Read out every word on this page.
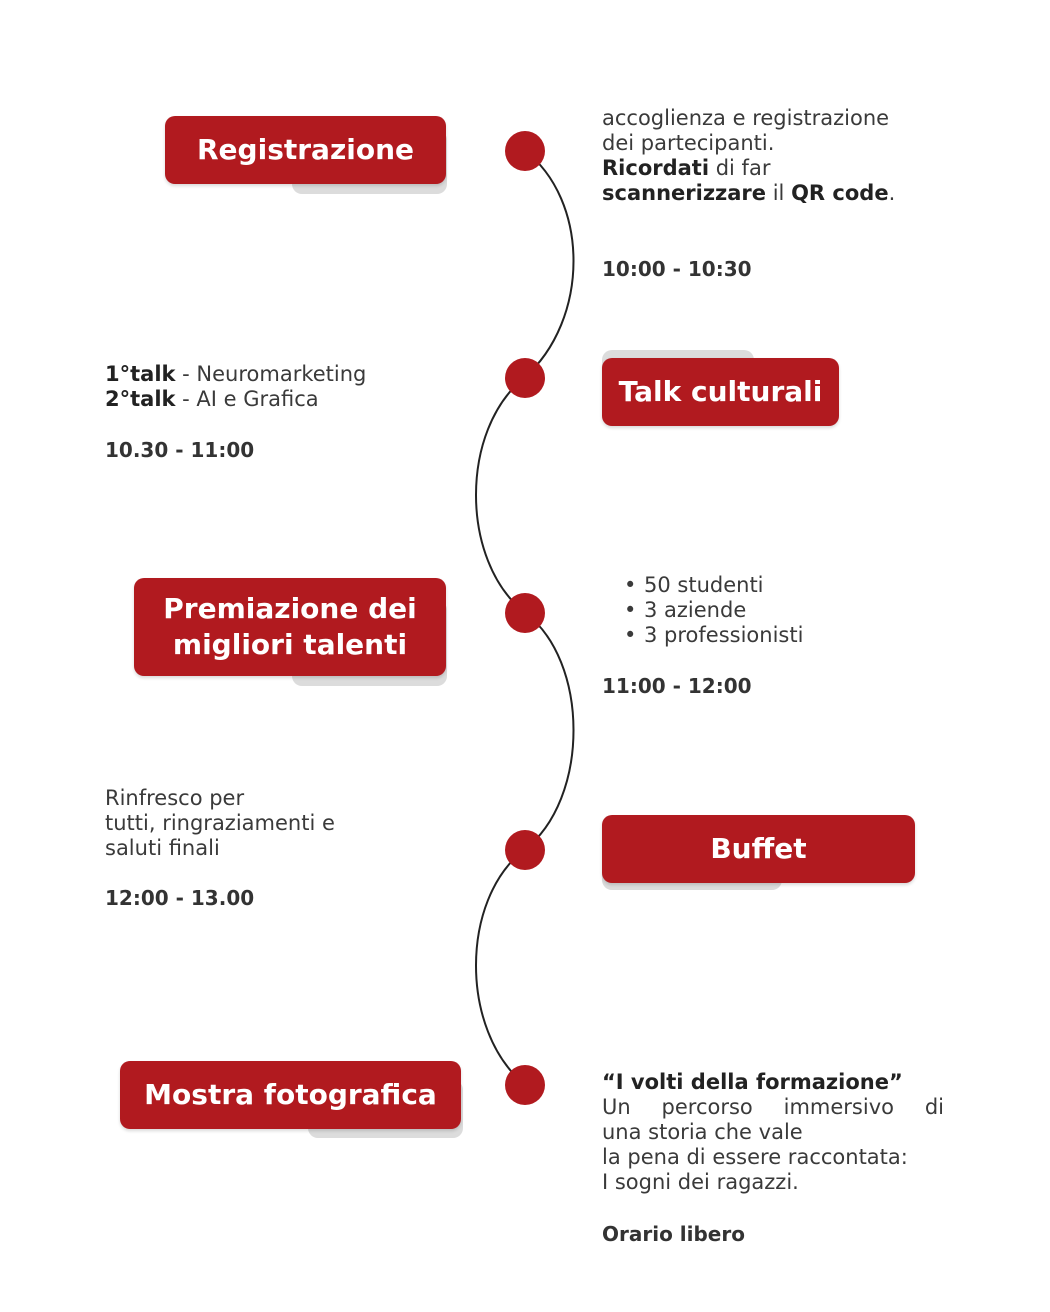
Registrazione
accoglienza e registrazione
dei partecipanti.
Ricordati di far
scannerizzare il QR code.
10:00 - 10:30
Talk culturali
1°talk - Neuromarketing
2°talk - AI e Grafica
10.30 - 11:00
Premiazione dei
migliori talenti
• 50 studenti
• 3 aziende
• 3 professionisti
11:00 - 12:00
Buffet
Rinfresco per
tutti, ringraziamenti e
saluti finali
12:00 - 13.00
Mostra fotografica	“I volti della formazione”
Un percorso immersivo di
una storia che vale
la pena di essere raccontata:
I sogni dei ragazzi.
Orario libero
